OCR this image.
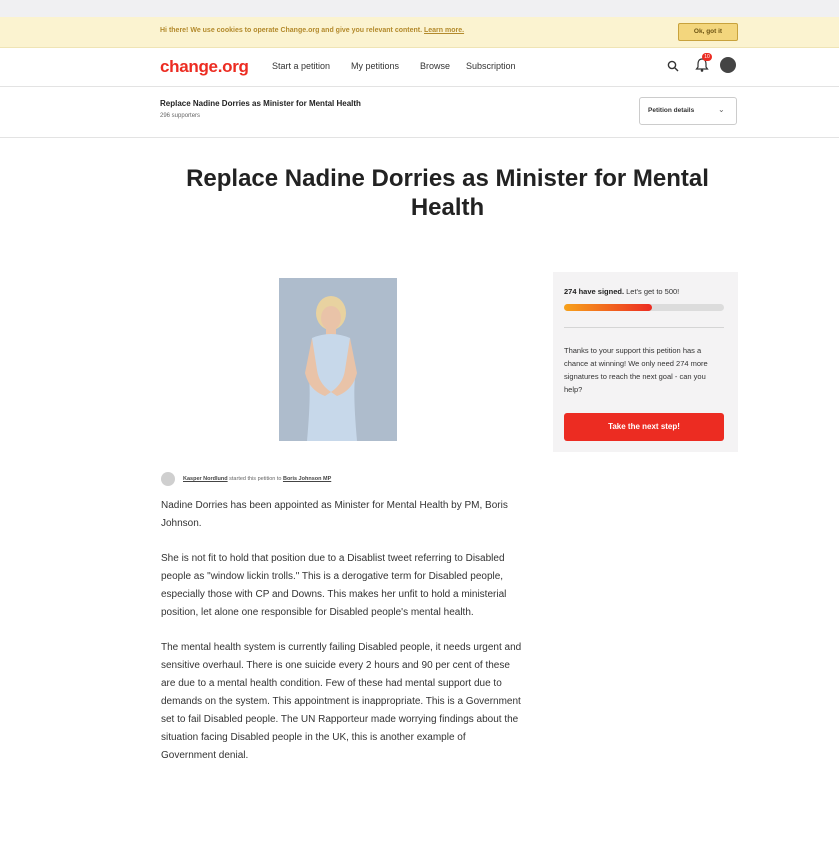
Hi there! We use cookies to operate Change.org and give you relevant content. Learn more.	Ok, got it
change.org	Start a petition My petitions Browse Subscription
10
Replace Nadine Dorries as Minister for Mental Health
296 supporters
Petition details	⌄
Replace Nadine Dorries as Minister for Mental Health
274 have signed. Let's get to 500!
Thanks to your support this petition has a chance at winning! We only need 274 more signatures to reach the next goal - can you help?
Take the next step!
Kasper Nordlund started this petition to Boris Johnson MP

Nadine Dorries has been appointed as Minister for Mental Health by PM, Boris Johnson.

She is not fit to hold that position due to a Disablist tweet referring to Disabled people as "window lickin trolls." This is a derogative term for Disabled people, especially those with CP and Downs. This makes her unfit to hold a ministerial position, let alone one responsible for Disabled people's mental health.

The mental health system is currently failing Disabled people, it needs urgent and sensitive overhaul. There is one suicide every 2 hours and 90 per cent of these are due to a mental health condition. Few of these had mental support due to demands on the system. This appointment is inappropriate. This is a Government set to fail Disabled people. The UN Rapporteur made worrying findings about the situation facing Disabled people in the UK, this is another example of Government denial.
